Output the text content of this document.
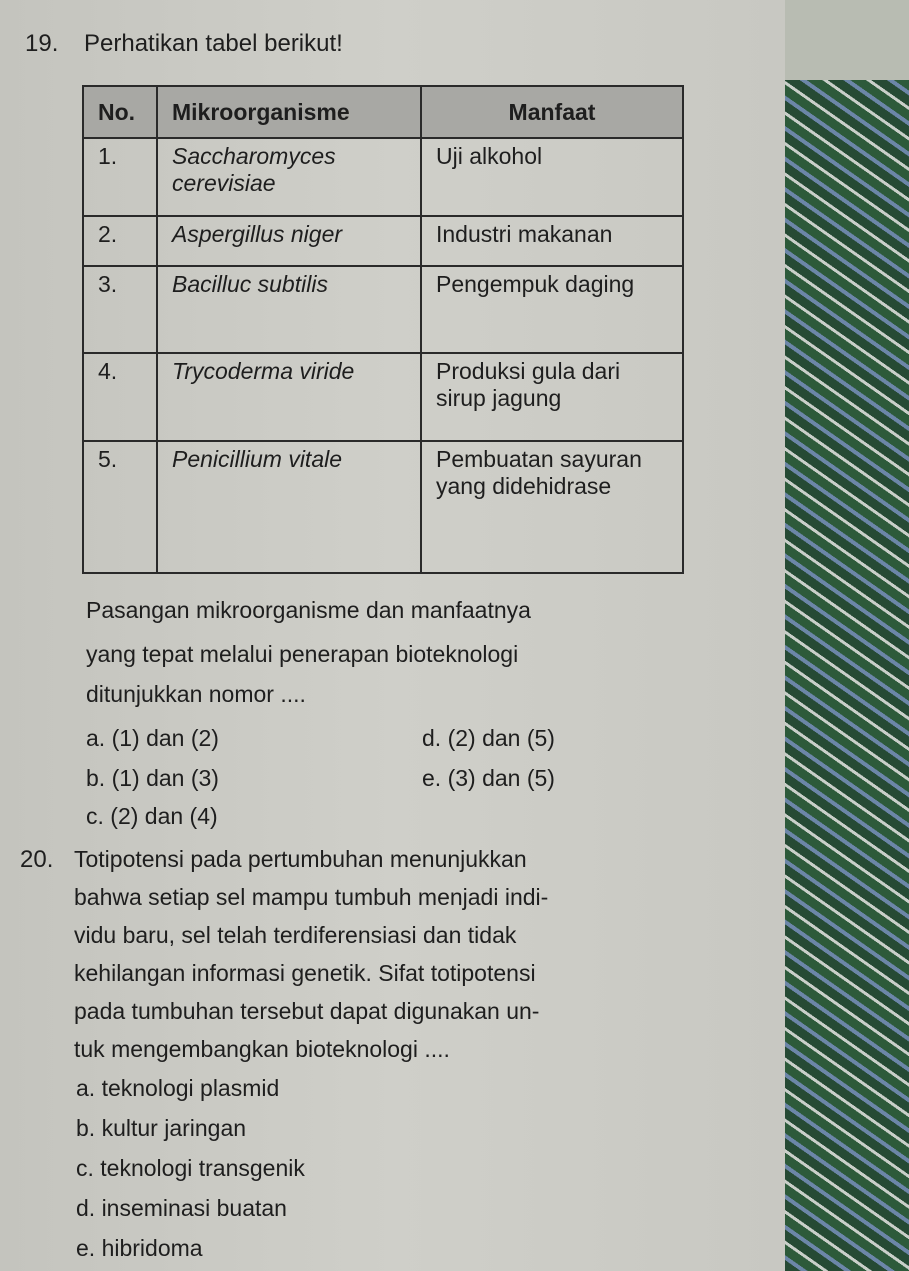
19. Perhatikan tabel berikut!
No.	Mikroorganisme	Manfaat
1.	Saccharomyces cerevisiae	Uji alkohol
2.	Aspergillus niger	Industri makanan
3.	Bacilluc subtilis	Pengempuk daging
4.	Trycoderma viride	Produksi gula dari sirup jagung
5.	Penicillium vitale	Pembuatan sayuran yang didehidrase
Pasangan mikroorganisme dan manfaatnya
yang tepat melalui penerapan bioteknologi
ditunjukkan nomor ....
a. (1) dan (2)
b. (1) dan (3)
c. (2) dan (4)
d. (2) dan (5)
e. (3) dan (5)
20. Totipotensi pada pertumbuhan menunjukkan
bahwa setiap sel mampu tumbuh menjadi indi-
vidu baru, sel telah terdiferensiasi dan tidak
kehilangan informasi genetik. Sifat totipotensi
pada tumbuhan tersebut dapat digunakan un-
tuk mengembangkan bioteknologi ....
a. teknologi plasmid
b. kultur jaringan
c. teknologi transgenik
d. inseminasi buatan
e. hibridoma
